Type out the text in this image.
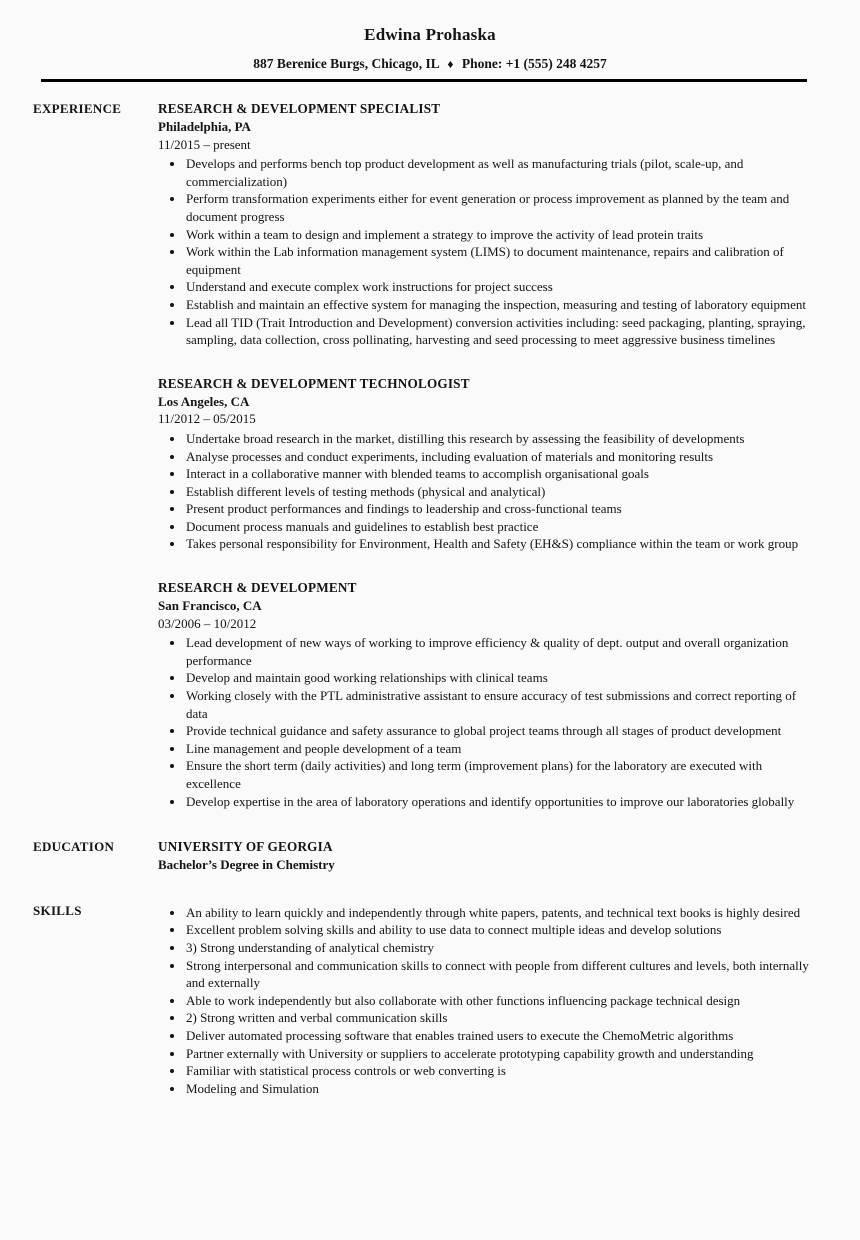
Edwina Prohaska

887 Berenice Burgs, Chicago, IL ♦ Phone: +1 (555) 248 4257

EXPERIENCE	RESEARCH & DEVELOPMENT SPECIALIST
Philadelphia, PA
11/2015 – present
• Develops and performs bench top product development as well as manufacturing trials (pilot, scale-up, and commercialization)
• Perform transformation experiments either for event generation or process improvement as planned by the team and document progress
• Work within a team to design and implement a strategy to improve the activity of lead protein traits
• Work within the Lab information management system (LIMS) to document maintenance, repairs and calibration of equipment
• Understand and execute complex work instructions for project success
• Establish and maintain an effective system for managing the inspection, measuring and testing of laboratory equipment
• Lead all TID (Trait Introduction and Development) conversion activities including: seed packaging, planting, spraying, sampling, data collection, cross pollinating, harvesting and seed processing to meet aggressive business timelines
RESEARCH & DEVELOPMENT TECHNOLOGIST
Los Angeles, CA
11/2012 – 05/2015
• Undertake broad research in the market, distilling this research by assessing the feasibility of developments
• Analyse processes and conduct experiments, including evaluation of materials and monitoring results
• Interact in a collaborative manner with blended teams to accomplish organisational goals
• Establish different levels of testing methods (physical and analytical)
• Present product performances and findings to leadership and cross-functional teams
• Document process manuals and guidelines to establish best practice
• Takes personal responsibility for Environment, Health and Safety (EH&S) compliance within the team or work group
RESEARCH & DEVELOPMENT
San Francisco, CA
03/2006 – 10/2012
• Lead development of new ways of working to improve efficiency & quality of dept. output and overall organization performance
• Develop and maintain good working relationships with clinical teams
• Working closely with the PTL administrative assistant to ensure accuracy of test submissions and correct reporting of data
• Provide technical guidance and safety assurance to global project teams through all stages of product development
• Line management and people development of a team
• Ensure the short term (daily activities) and long term (improvement plans) for the laboratory are executed with excellence
• Develop expertise in the area of laboratory operations and identify opportunities to improve our laboratories globally
EDUCATION	UNIVERSITY OF GEORGIA
Bachelor’s Degree in Chemistry
SKILLS	• An ability to learn quickly and independently through white papers, patents, and technical text books is highly desired
• Excellent problem solving skills and ability to use data to connect multiple ideas and develop solutions
• 3) Strong understanding of analytical chemistry
• Strong interpersonal and communication skills to connect with people from different cultures and levels, both internally and externally
• Able to work independently but also collaborate with other functions influencing package technical design
• 2) Strong written and verbal communication skills
• Deliver automated processing software that enables trained users to execute the ChemoMetric algorithms
• Partner externally with University or suppliers to accelerate prototyping capability growth and understanding
• Familiar with statistical process controls or web converting is
• Modeling and Simulation
